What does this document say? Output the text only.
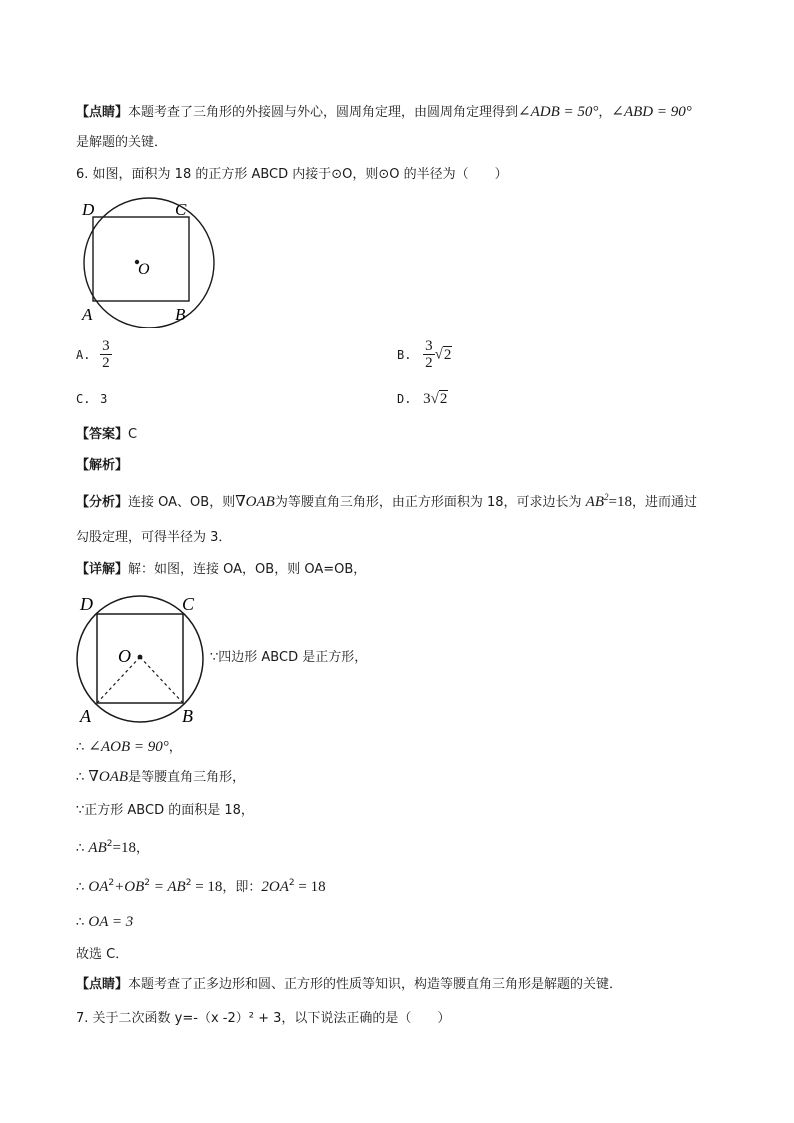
【点睛】本题考查了三角形的外接圆与外心，圆周角定理，由圆周角定理得到∠ADB = 50°，∠ABD = 90°
是解题的关键．
6. 如图，面积为 18 的正方形 ABCD 内接于⊙O，则⊙O 的半径为（　　）
D	C
O
A	B
A. $\frac{3}{2}$	B. $\frac{3}{2} √2$
C. 3	D. 3√2
【答案】C
【解析】
【分析】连接 OA、OB，则∇OAB为等腰直角三角形，由正方形面积为 18，可求边长为 $AB^2=18$，进而通过
勾股定理，可得半径为 3．
【详解】解：如图，连接 OA，OB，则 OA=OB，
D	C
O
A	B
∵四边形 ABCD 是正方形，
∴ ∠AOB = 90°，
∴ ∇OAB是等腰直角三角形，
∵正方形 ABCD 的面积是 18，
∴ $AB^2=18$，
∴ $OA^2+OB^2 = AB^2 = 18$，即：$2OA^2 = 18$
∴ OA = 3
故选 C．
【点睛】本题考查了正多边形和圆、正方形的性质等知识，构造等腰直角三角形是解题的关键．
7. 关于二次函数 y=-（x -2）² + 3，以下说法正确的是（　　）
